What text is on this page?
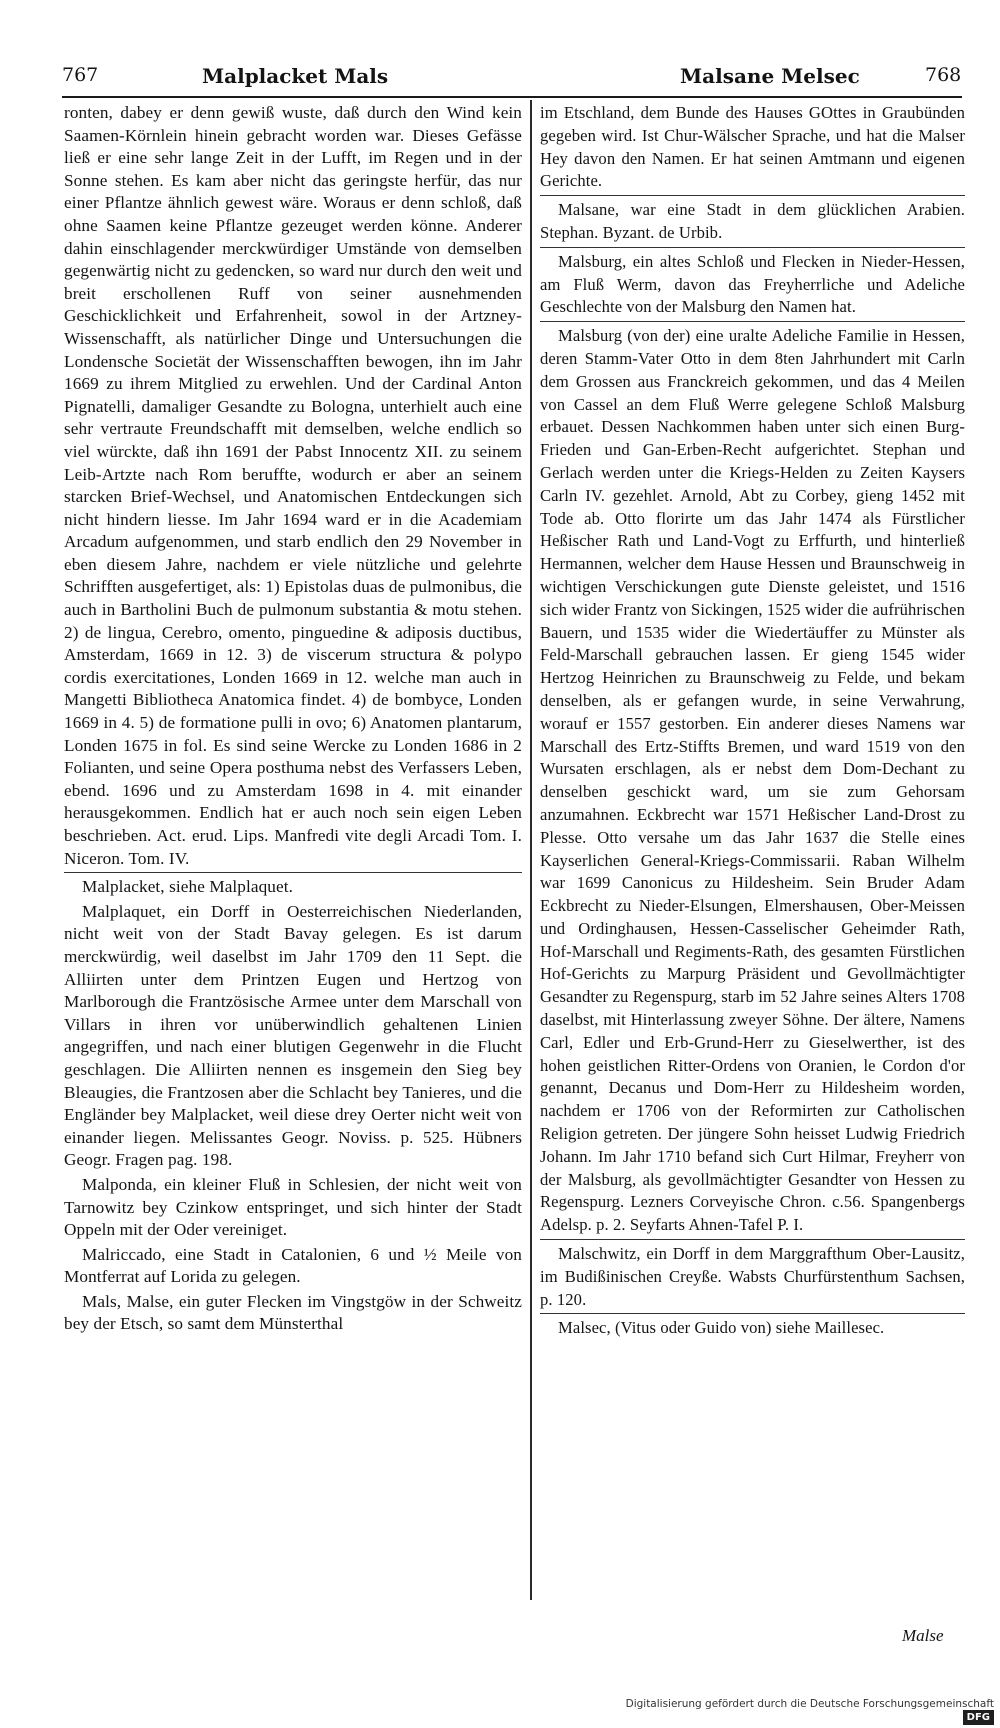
767	Malplacket Mals	Malsane Melsec	768

ronten, dabey er denn gewiß wuste, daß durch den Wind kein Saamen-Körnlein hinein gebracht worden war. Dieses Gefässe ließ er eine sehr lange Zeit in der Lufft, im Regen und in der Sonne stehen. Es kam aber nicht das geringste herfür, das nur einer Pflantze ähnlich gewest wäre. Woraus er denn schloß, daß ohne Saamen keine Pflantze gezeuget werden könne. Anderer dahin einschlagender merckwürdiger Umstände von demselben gegenwärtig nicht zu gedencken, so ward nur durch den weit und breit erschollenen Ruff von seiner ausnehmenden Geschicklichkeit und Erfahrenheit, sowol in der Artzney-Wissenschafft, als natürlicher Dinge und Untersuchungen die Londensche Societät der Wissenschafften bewogen, ihn im Jahr 1669 zu ihrem Mitglied zu erwehlen. Und der Cardinal Anton Pignatelli, damaliger Gesandte zu Bologna, unterhielt auch eine sehr vertraute Freundschafft mit demselben, welche endlich so viel würckte, daß ihn 1691 der Pabst Innocentz XII. zu seinem Leib-Artzte nach Rom beruffte, wodurch er aber an seinem starcken Brief-Wechsel, und Anatomischen Entdeckungen sich nicht hindern liesse. Im Jahr 1694 ward er in die Academiam Arcadum aufgenommen, und starb endlich den 29 November in eben diesem Jahre, nachdem er viele nützliche und gelehrte Schrifften ausgefertiget, als: 1) Epistolas duas de pulmonibus, die auch in Bartholini Buch de pulmonum substantia & motu stehen. 2) de lingua, Cerebro, omento, pinguedine & adiposis ductibus, Amsterdam, 1669 in 12. 3) de viscerum structura & polypo cordis exercitationes, Londen 1669 in 12. welche man auch in Mangetti Bibliotheca Anatomica findet. 4) de bombyce, Londen 1669 in 4. 5) de formatione pulli in ovo; 6) Anatomen plantarum, Londen 1675 in fol. Es sind seine Wercke zu Londen 1686 in 2 Folianten, und seine Opera posthuma nebst des Verfassers Leben, ebend. 1696 und zu Amsterdam 1698 in 4. mit einander herausgekommen. Endlich hat er auch noch sein eigen Leben beschrieben. Act. erud. Lips. Manfredi vite degli Arcadi Tom. I. Niceron. Tom. IV.

Malplacket, siehe Malplaquet.

Malplaquet, ein Dorff in Oesterreichischen Niederlanden, nicht weit von der Stadt Bavay gelegen. Es ist darum merckwürdig, weil daselbst im Jahr 1709 den 11 Sept. die Alliirten unter dem Printzen Eugen und Hertzog von Marlborough die Frantzösische Armee unter dem Marschall von Villars in ihren vor unüberwindlich gehaltenen Linien angegriffen, und nach einer blutigen Gegenwehr in die Flucht geschlagen. Die Alliirten nennen es insgemein den Sieg bey Bleaugies, die Frantzosen aber die Schlacht bey Tanieres, und die Engländer bey Malplacket, weil diese drey Oerter nicht weit von einander liegen. Melissantes Geogr. Noviss. p. 525. Hübners Geogr. Fragen pag. 198.

Malponda, ein kleiner Fluß in Schlesien, der nicht weit von Tarnowitz bey Czinkow entspringet, und sich hinter der Stadt Oppeln mit der Oder vereiniget.

Malriccado, eine Stadt in Catalonien, 6 und ½ Meile von Montferrat auf Lorida zu gelegen.

Mals, Malse, ein guter Flecken im Vingstgöw in der Schweitz bey der Etsch, so samt dem Münsterthal

im Etschland, dem Bunde des Hauses GOttes in Graubünden gegeben wird. Ist Chur-Wälscher Sprache, und hat die Malser Hey davon den Namen. Er hat seinen Amtmann und eigenen Gerichte.

Malsane, war eine Stadt in dem glücklichen Arabien. Stephan. Byzant. de Urbib.

Malsburg, ein altes Schloß und Flecken in Nieder-Hessen, am Fluß Werm, davon das Freyherrliche und Adeliche Geschlechte von der Malsburg den Namen hat.

Malsburg (von der) eine uralte Adeliche Familie in Hessen, deren Stamm-Vater Otto in dem 8ten Jahrhundert mit Carln dem Grossen aus Franckreich gekommen, und das 4 Meilen von Cassel an dem Fluß Werre gelegene Schloß Malsburg erbauet. Dessen Nachkommen haben unter sich einen Burg-Frieden und Gan-Erben-Recht aufgerichtet. Stephan und Gerlach werden unter die Kriegs-Helden zu Zeiten Kaysers Carln IV. gezehlet. Arnold, Abt zu Corbey, gieng 1452 mit Tode ab. Otto florirte um das Jahr 1474 als Fürstlicher Heßischer Rath und Land-Vogt zu Erffurth, und hinterließ Hermannen, welcher dem Hause Hessen und Braunschweig in wichtigen Verschickungen gute Dienste geleistet, und 1516 sich wider Frantz von Sickingen, 1525 wider die aufrührischen Bauern, und 1535 wider die Wiedertäuffer zu Münster als Feld-Marschall gebrauchen lassen. Er gieng 1545 wider Hertzog Heinrichen zu Braunschweig zu Felde, und bekam denselben, als er gefangen wurde, in seine Verwahrung, worauf er 1557 gestorben. Ein anderer dieses Namens war Marschall des Ertz-Stiffts Bremen, und ward 1519 von den Wursaten erschlagen, als er nebst dem Dom-Dechant zu denselben geschickt ward, um sie zum Gehorsam anzumahnen. Eckbrecht war 1571 Heßischer Land-Drost zu Plesse. Otto versahe um das Jahr 1637 die Stelle eines Kayserlichen General-Kriegs-Commissarii. Raban Wilhelm war 1699 Canonicus zu Hildesheim. Sein Bruder Adam Eckbrecht zu Nieder-Elsungen, Elmershausen, Ober-Meissen und Ordinghausen, Hessen-Casselischer Geheimder Rath, Hof-Marschall und Regiments-Rath, des gesamten Fürstlichen Hof-Gerichts zu Marpurg Präsident und Gevollmächtigter Gesandter zu Regenspurg, starb im 52 Jahre seines Alters 1708 daselbst, mit Hinterlassung zweyer Söhne. Der ältere, Namens Carl, Edler und Erb-Grund-Herr zu Gieselwerther, ist des hohen geistlichen Ritter-Ordens von Oranien, le Cordon d'or genannt, Decanus und Dom-Herr zu Hildesheim worden, nachdem er 1706 von der Reformirten zur Catholischen Religion getreten. Der jüngere Sohn heisset Ludwig Friedrich Johann. Im Jahr 1710 befand sich Curt Hilmar, Freyherr von der Malsburg, als gevollmächtigter Gesandter von Hessen zu Regenspurg. Lezners Corveyische Chron. c.56. Spangenbergs Adelsp. p. 2. Seyfarts Ahnen-Tafel P. I.

Malschwitz, ein Dorff in dem Marggrafthum Ober-Lausitz, im Budißinischen Creyße. Wabsts Churfürstenthum Sachsen, p. 120.

Malsec, (Vitus oder Guido von) siehe Maillesec.

Malse
Digitalisierung gefördert durch die Deutsche Forschungsgemeinschaft DFG
